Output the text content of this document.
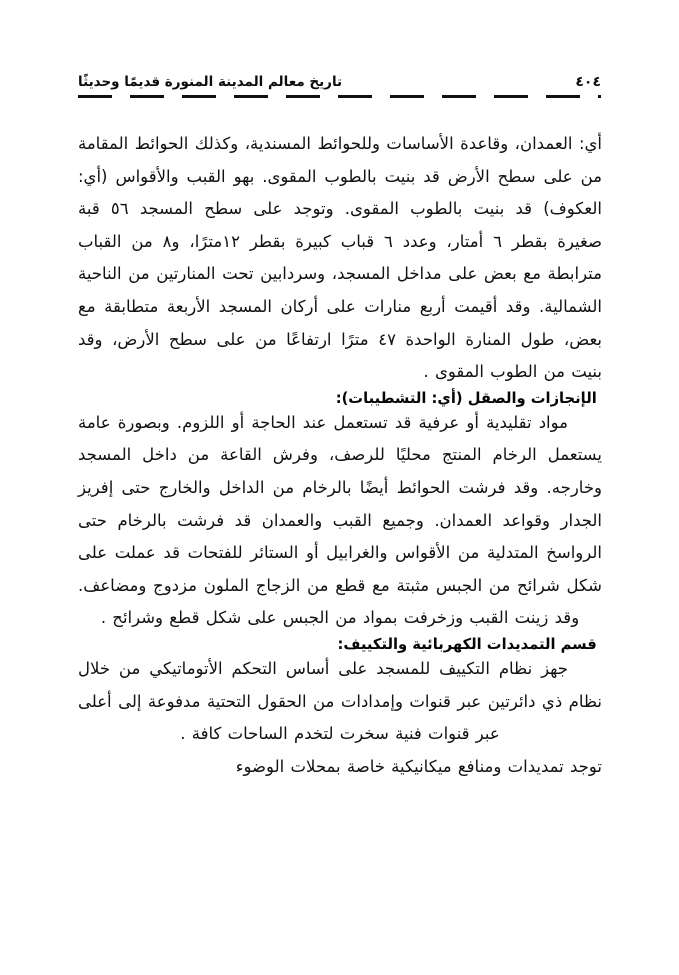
تاريخ معالم المدينة المنورة قديمًا وحديثًا	٤٠٤

أي: العمدان، وقاعدة الأساسات وللحوائط المسندية، وكذلك الحوائط المقامة من على سطح الأرض قد بنيت بالطوب المقوى. بهو القبب والأقواس (أي: العكوف) قد بنيت بالطوب المقوى. وتوجد على سطح المسجد ٥٦ قبة صغيرة بقطر ٦ أمتار، وعدد ٦ قباب كبيرة بقطر ١٢مترًا، و٨ من القباب مترابطة مع بعض على مداخل المسجد، وسردابين تحت المنارتين من الناحية الشمالية. وقد أقيمت أربع منارات على أركان المسجد الأربعة متطابقة مع بعض، طول المنارة الواحدة ٤٧ مترًا ارتفاعًا من على سطح الأرض، وقد بنيت من الطوب المقوى .

الإنجازات والصقل (أي: التشطيبات):

مواد تقليدية أو عرفية قد تستعمل عند الحاجة أو اللزوم. وبصورة عامة يستعمل الرخام المنتج محليًا للرصف، وفرش القاعة من داخل المسجد وخارجه. وقد فرشت الحوائط أيضًا بالرخام من الداخل والخارج حتى إفريز الجدار وقواعد العمدان. وجميع القبب والعمدان قد فرشت بالرخام حتى الرواسخ المتدلية من الأقواس والغرابيل أو الستائر للفتحات قد عملت على شكل شرائح من الجبس مثبتة مع قطع من الزجاج الملون مزدوج ومضاعف. وقد زينت القبب وزخرفت بمواد من الجبس على شكل قطع وشرائح .

قسم التمديدات الكهربائية والتكييف:

جهز نظام التكييف للمسجد على أساس التحكم الأتوماتيكي من خلال نظام ذي دائرتين عبر قنوات وإمدادات من الحقول التحتية مدفوعة إلى أعلى عبر قنوات فنية سخرت لتخدم الساحات كافة .

توجد تمديدات ومنافع ميكانيكية خاصة بمحلات الوضوء
